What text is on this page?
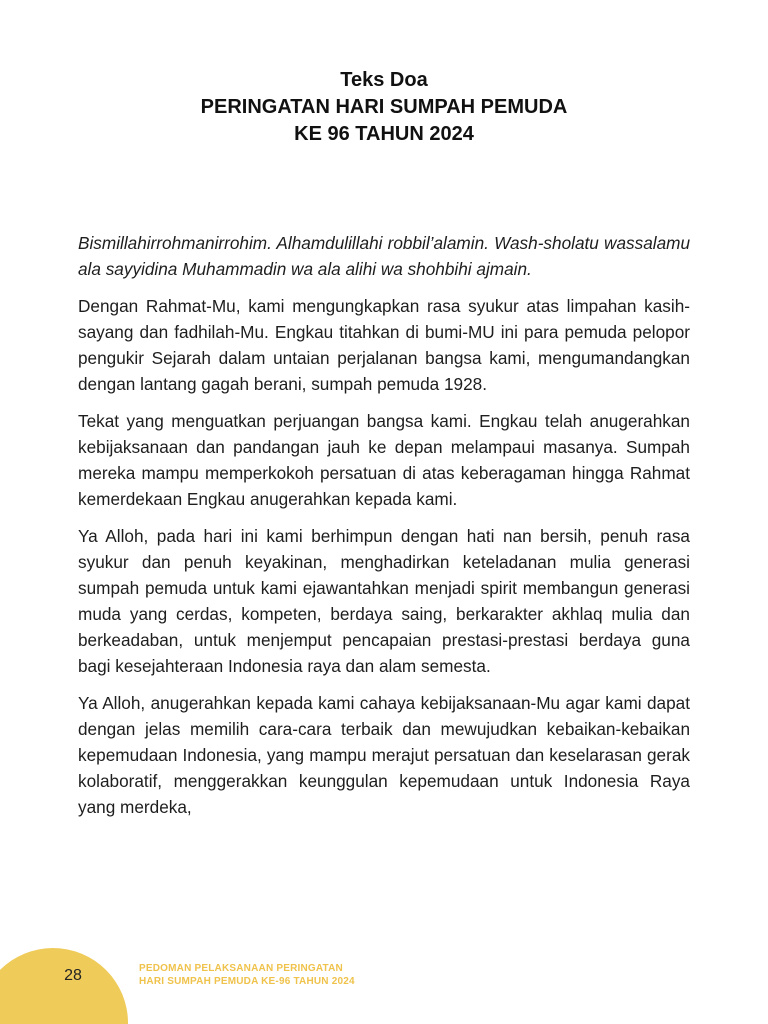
Teks Doa
PERINGATAN HARI SUMPAH PEMUDA
KE 96 TAHUN 2024

Bismillahirrohmanirrohim. Alhamdulillahi robbil’alamin. Wash-sholatu wassalamu ala sayyidina Muhammadin wa ala alihi wa shohbihi ajmain.

Dengan Rahmat-Mu, kami mengungkapkan rasa syukur atas limpahan kasih-sayang dan fadhilah-Mu. Engkau titahkan di bumi-MU ini para pemuda pelopor pengukir Sejarah dalam untaian perjalanan bangsa kami, mengumandangkan dengan lantang gagah berani, sumpah pemuda 1928.

Tekat yang menguatkan perjuangan bangsa kami. Engkau telah anugerahkan kebijaksanaan dan pandangan jauh ke depan melampaui masanya. Sumpah mereka mampu memperkokoh persatuan di atas keberagaman hingga Rahmat kemerdekaan Engkau anugerahkan kepada kami.

Ya Alloh, pada hari ini kami berhimpun dengan hati nan bersih, penuh rasa syukur dan penuh keyakinan, menghadirkan keteladanan mulia generasi sumpah pemuda untuk kami ejawantahkan menjadi spirit membangun generasi muda yang cerdas, kompeten, berdaya saing, berkarakter akhlaq mulia dan berkeadaban, untuk menjemput pencapaian prestasi-prestasi berdaya guna bagi kesejahteraan Indonesia raya dan alam semesta.

Ya Alloh, anugerahkan kepada kami cahaya kebijaksanaan-Mu agar kami dapat dengan jelas memilih cara-cara terbaik dan mewujudkan kebaikan-kebaikan kepemudaan Indonesia, yang mampu merajut persatuan dan keselarasan gerak kolaboratif, menggerakkan keunggulan kepemudaan untuk Indonesia Raya yang merdeka,

28	PEDOMAN PELAKSANAAN PERINGATAN
HARI SUMPAH PEMUDA KE-96 TAHUN 2024
